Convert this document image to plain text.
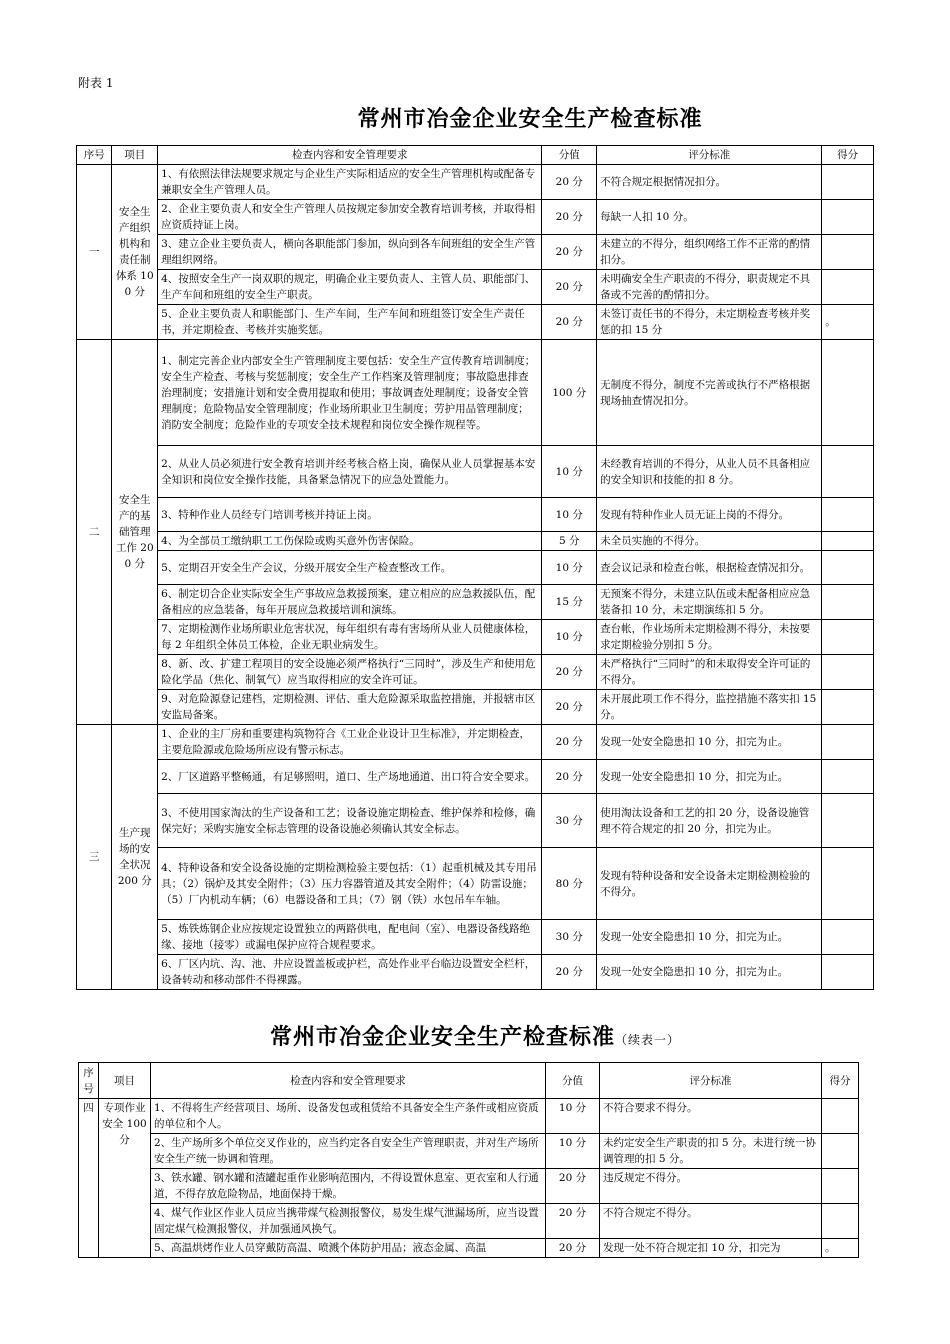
附表 1
常州市冶金企业安全生产检查标准
序号	项目	检查内容和安全管理要求	分值	评分标准	得分
一	安全生产组织机构和责任制体系 100 分	1、有依照法律法规要求规定与企业生产实际相适应的安全生产管理机构或配备专兼职安全生产管理人员。	20 分	不符合规定根据情况扣分。	
		2、企业主要负责人和安全生产管理人员按规定参加安全教育培训考核，并取得相应资质持证上岗。	20 分	每缺一人扣 10 分。	
		3、建立企业主要负责人，横向各职能部门参加，纵向到各车间班组的安全生产管理组织网络。	20 分	未建立的不得分，组织网络工作不正常的酌情扣分。	
		4、按照安全生产一岗双职的规定，明确企业主要负责人、主管人员、职能部门、生产车间和班组的安全生产职责。	20 分	未明确安全生产职责的不得分，职责规定不具备或不完善的酌情扣分。	
		5、企业主要负责人和职能部门、生产车间，生产车间和班组签订安全生产责任书，并定期检查、考核并实施奖惩。	20 分	未签订责任书的不得分，未定期检查考核并奖惩的扣 15 分	。
二	安全生产的基础管理工作 200 分	1、制定完善企业内部安全生产管理制度主要包括：安全生产宣传教育培训制度；安全生产检查、考核与奖惩制度；安全生产工作档案及管理制度；事故隐患排查治理制度；安措施计划和安全费用提取和使用；事故调查处理制度；设备安全管理制度；危险物品安全管理制度；作业场所职业卫生制度；劳护用品管理制度；消防安全制度；危险作业的专项安全技术规程和岗位安全操作规程等。	100 分	无制度不得分，制度不完善或执行不严格根据现场抽查情况扣分。	
		2、从业人员必须进行安全教育培训并经考核合格上岗，确保从业人员掌握基本安全知识和岗位安全操作技能，具备紧急情况下的应急处置能力。	10 分	未经教育培训的不得分，从业人员不具备相应的安全知识和技能的扣 8 分。	
		3、特种作业人员经专门培训考核并持证上岗。	10 分	发现有特种作业人员无证上岗的不得分。	
		4、为全部员工缴纳职工工伤保险或购买意外伤害保险。	5 分	未全员实施的不得分。	
		5、定期召开安全生产会议，分级开展安全生产检查整改工作。	10 分	查会议记录和检查台帐，根据检查情况扣分。	
		6、制定切合企业实际安全生产事故应急救援预案，建立相应的应急救援队伍，配备相应的应急装备，每年开展应急救援培训和演练。	15 分	无预案不得分，未建立队伍或未配备相应应急装备扣 10 分，未定期演练扣 5 分。	
		7、定期检测作业场所职业危害状况，每年组织有毒有害场所从业人员健康体检，每 2 年组织全体员工体检，企业无职业病发生。	10 分	查台帐，作业场所未定期检测不得分，未按要求定期检验分别扣 5 分。	
		8、新、改、扩建工程项目的安全设施必须严格执行“三同时”，涉及生产和使用危险化学品（焦化、制氧气）应当取得相应的安全许可证。	20 分	未严格执行“三同时”的和未取得安全许可证的不得分。	
		9、对危险源登记建档，定期检测、评估、重大危险源采取监控措施，并报辖市区安监局备案。	20 分	未开展此项工作不得分，监控措施不落实扣 15 分。	
三	生产现场的安全状况 200 分	1、企业的主厂房和重要建构筑物符合《工业企业设计卫生标准》，并定期检查，主要危险源或危险场所应设有警示标志。	20 分	发现一处安全隐患扣 10 分，扣完为止。	
		2、厂区道路平整畅通，有足够照明，道口、生产场地通道、出口符合安全要求。	20 分	发现一处安全隐患扣 10 分，扣完为止。	
		3、不使用国家淘汰的生产设备和工艺；设备设施定期检查、维护保养和检修，确保完好；采购实施安全标志管理的设备设施必须确认其安全标志。	30 分	使用淘汰设备和工艺的扣 20 分，设备设施管理不符合规定的扣 20 分，扣完为止。	
		4、特种设备和安全设备设施的定期检测检验主要包括：（1）起重机械及其专用吊具；（2）锅炉及其安全附件；（3）压力容器管道及其安全附件；（4）防雷设施；（5）厂内机动车辆；（6）电器设备和工具；（7）钢（铁）水包吊车车轴。	80 分	发现有特种设备和安全设备未定期检测检验的不得分。	
		5、炼铁炼钢企业应按规定设置独立的两路供电，配电间（室）、电器设备线路绝缘、接地（接零）或漏电保护应符合规程要求。	30 分	发现一处安全隐患扣 10 分，扣完为止。	
		6、厂区内坑、沟、池、井应设置盖板或护栏，高处作业平台临边设置安全栏杆，设备转动和移动部件不得裸露。	20 分	发现一处安全隐患扣 10 分，扣完为止。	
常州市冶金企业安全生产检查标准（续表一）
序号	项目	检查内容和安全管理要求	分值	评分标准	得分
四	专项作业安全 100 分	1、不得将生产经营项目、场所、设备发包或租赁给不具备安全生产条件或相应资质的单位和个人。	10 分	不符合要求不得分。	
		2、生产场所多个单位交叉作业的，应当约定各自安全生产管理职责，并对生产场所安全生产统一协调和管理。	10 分	未约定安全生产职责的扣 5 分。未进行统一协调管理的扣 5 分。	
		3、铁水罐、钢水罐和渣罐起重作业影响范围内，不得设置休息室、更衣室和人行通道，不得存放危险物品，地面保持干燥。	20 分	违反规定不得分。	
		4、煤气作业区作业人员应当携带煤气检测报警仪，易发生煤气泄漏场所，应当设置固定煤气检测报警仪，并加强通风换气。	20 分	不符合规定不得分。	
		5、高温烘烤作业人员穿戴防高温、喷溅个体防护用品；液态金属、高温	20 分	发现一处不符合规定扣 10 分，扣完为	。
